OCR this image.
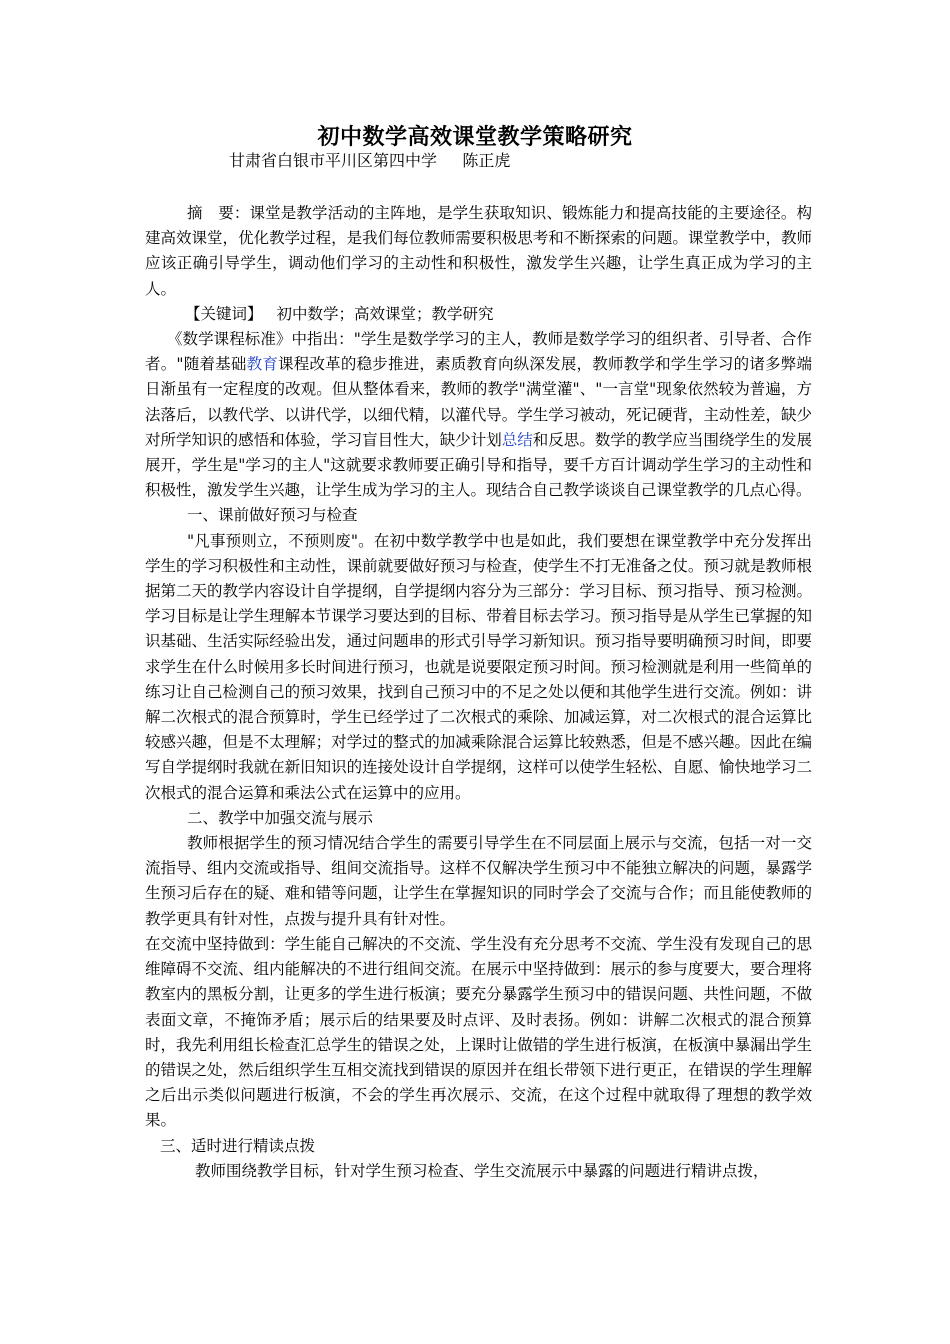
初中数学高效课堂教学策略研究
甘肃省白银市平川区第四中学     陈正虎

摘　要：课堂是教学活动的主阵地，是学生获取知识、锻炼能力和提高技能的主要途径。构建高效课堂，优化教学过程，是我们每位教师需要积极思考和不断探索的问题。课堂教学中，教师应该正确引导学生，调动他们学习的主动性和积极性，激发学生兴趣，让学生真正成为学习的主人。

【关键词】 初中数学；高效课堂；教学研究

《数学课程标准》中指出："学生是数学学习的主人，教师是数学学习的组织者、引导者、合作者。"随着基础教育课程改革的稳步推进，素质教育向纵深发展，教师教学和学生学习的诸多弊端日渐虽有一定程度的改观。但从整体看来，教师的教学"满堂灌"、"一言堂"现象依然较为普遍，方法落后，以教代学、以讲代学，以细代精，以灌代导。学生学习被动，死记硬背，主动性差，缺少对所学知识的感悟和体验，学习盲目性大，缺少计划总结和反思。数学的教学应当围绕学生的发展展开，学生是"学习的主人"这就要求教师要正确引导和指导，要千方百计调动学生学习的主动性和积极性，激发学生兴趣，让学生成为学习的主人。现结合自己教学谈谈自己课堂教学的几点心得。

一、课前做好预习与检查

"凡事预则立，不预则废"。在初中数学教学中也是如此，我们要想在课堂教学中充分发挥出学生的学习积极性和主动性，课前就要做好预习与检查，使学生不打无准备之仗。预习就是教师根据第二天的教学内容设计自学提纲，自学提纲内容分为三部分：学习目标、预习指导、预习检测。学习目标是让学生理解本节课学习要达到的目标、带着目标去学习。预习指导是从学生已掌握的知识基础、生活实际经验出发，通过问题串的形式引导学习新知识。预习指导要明确预习时间，即要求学生在什么时候用多长时间进行预习，也就是说要限定预习时间。预习检测就是利用一些简单的练习让自己检测自己的预习效果，找到自己预习中的不足之处以便和其他学生进行交流。例如：讲解二次根式的混合预算时，学生已经学过了二次根式的乘除、加减运算，对二次根式的混合运算比较感兴趣，但是不太理解；对学过的整式的加减乘除混合运算比较熟悉，但是不感兴趣。因此在编写自学提纲时我就在新旧知识的连接处设计自学提纲，这样可以使学生轻松、自愿、愉快地学习二次根式的混合运算和乘法公式在运算中的应用。

二、教学中加强交流与展示

教师根据学生的预习情况结合学生的需要引导学生在不同层面上展示与交流，包括一对一交流指导、组内交流或指导、组间交流指导。这样不仅解决学生预习中不能独立解决的问题，暴露学生预习后存在的疑、难和错等问题，让学生在掌握知识的同时学会了交流与合作；而且能使教师的教学更具有针对性，点拨与提升具有针对性。

在交流中坚持做到：学生能自己解决的不交流、学生没有充分思考不交流、学生没有发现自己的思维障碍不交流、组内能解决的不进行组间交流。在展示中坚持做到：展示的参与度要大，要合理将教室内的黑板分割，让更多的学生进行板演；要充分暴露学生预习中的错误问题、共性问题，不做表面文章，不掩饰矛盾；展示后的结果要及时点评、及时表扬。例如：讲解二次根式的混合预算时，我先利用组长检查汇总学生的错误之处，上课时让做错的学生进行板演，在板演中暴漏出学生的错误之处，然后组织学生互相交流找到错误的原因并在组长带领下进行更正，在错误的学生理解之后出示类似问题进行板演，不会的学生再次展示、交流，在这个过程中就取得了理想的教学效果。

三、适时进行精读点拨

教师围绕教学目标，针对学生预习检查、学生交流展示中暴露的问题进行精讲点拨，
